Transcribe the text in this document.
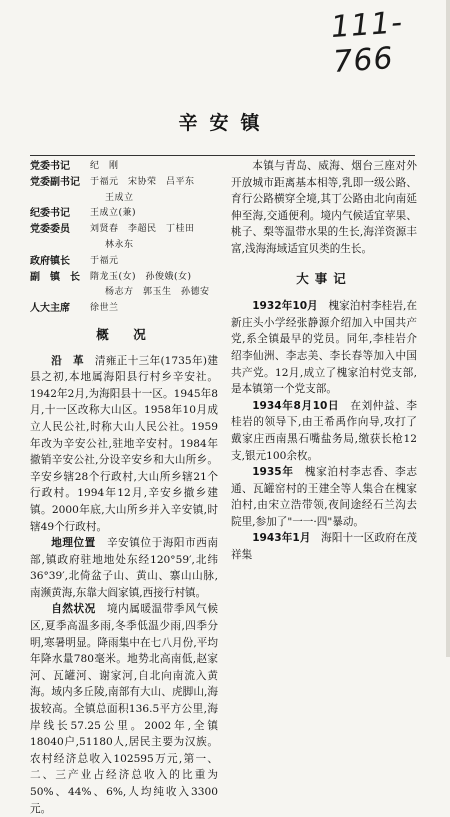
111-766
辛安镇
党委书记	纪　刚
党委副书记	于福元　宋协荣　吕平东
王成立
纪委书记	王成立(兼)
党委委员	刘贤春　李超民　丁桂田
林永东
政府镇长	于福元
副　镇　长	隋龙玉(女)　孙俊娥(女)
杨志方　郭玉生　孙德安
人大主席	徐世兰
概　况

沿　革　清雍正十三年(1735年)建县之初,本地属海阳县行村乡辛安社。1942年2月,为海阳县十一区。1945年8月,十一区改称大山区。1958年10月成立人民公社,时称大山人民公社。1959年改为辛安公社,驻地辛安村。1984年撤销辛安公社,分设辛安乡和大山所乡。辛安乡辖28个行政村,大山所乡辖21个行政村。1994年12月,辛安乡撤乡建镇。2000年底,大山所乡并入辛安镇,时辖49个行政村。

地理位置　辛安镇位于海阳市西南部,镇政府驻地地处东经120°59′,北纬36°39′,北倚盆子山、黄山、寨山山脉,南濒黄海,东靠大阎家镇,西接行村镇。

自然状况　境内属暖温带季风气候区,夏季高温多雨,冬季低温少雨,四季分明,寒暑明显。降雨集中在七八月份,平均年降水量780毫米。地势北高南低,赵家河、瓦罐河、谢家河,自北向南流入黄海。域内多丘陵,南部有大山、虎脚山,海拔较高。全镇总面积136.5平方公里,海岸线长57.25公里。2002年,全镇18040户,51180人,居民主要为汉族。农村经济总收入102595万元,第一、二、三产业占经济总收入的比重为50%、44%、6%,人均纯收入3300元。

本镇与青岛、威海、烟台三座对外开放城市距离基本相等,乳即一级公路、育行公路横穿全境,其丁公路由北向南延伸至海,交通便利。境内气候适宜苹果、桃子、梨等温带水果的生长,海洋资源丰富,浅海海域适宜贝类的生长。

大事记

1932年10月　槐家泊村李桂岩,在新庄头小学经张静源介绍加入中国共产党,系全镇最早的党员。同年,李桂岩介绍李仙洲、李志美、李长春等加入中国共产党。12月,成立了槐家泊村党支部,是本镇第一个党支部。

1934年8月10日　在刘仲益、李桂岩的领导下,由王希禹作向导,攻打了戴家庄西南黑石嘴盐务局,缴获长枪12支,银元100余枚。

1935年　槐家泊村李志香、李志通、瓦罐窑村的王建全等人集合在槐家泊村,由宋立浩带领,夜间途经石兰沟去院里,参加了"一一·四"暴动。

1943年1月　海阳十一区政府在茂祥集
